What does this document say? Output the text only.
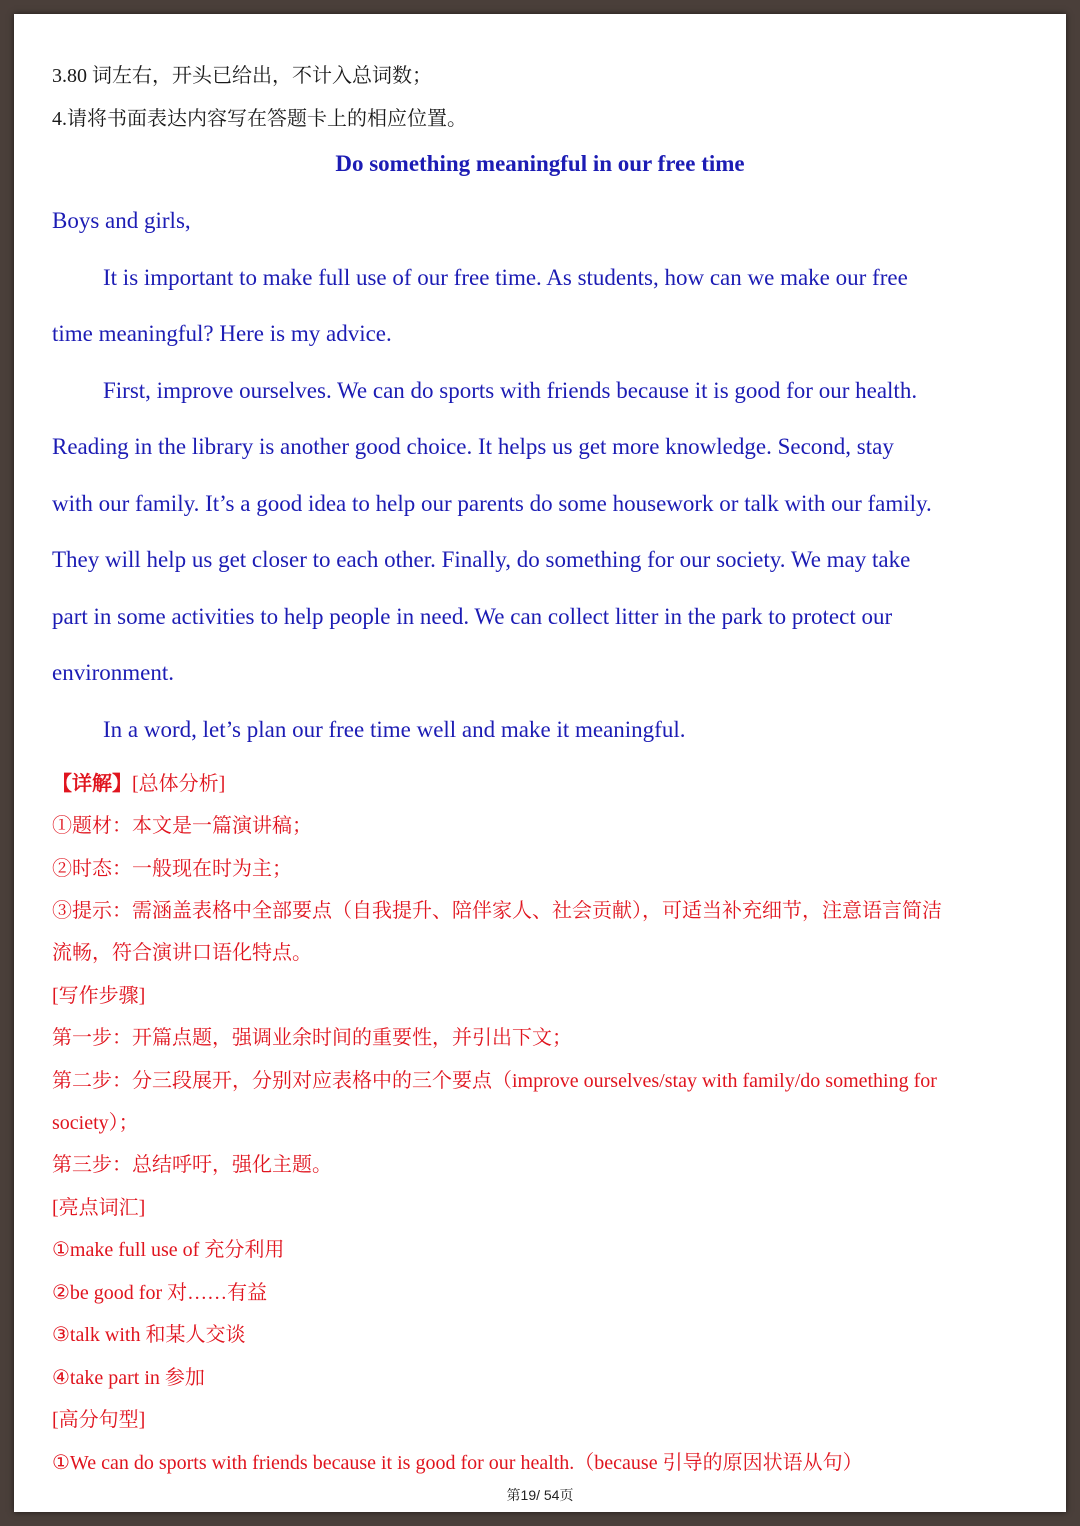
3.80 词左右，开头已给出，不计入总词数；
4.请将书面表达内容写在答题卡上的相应位置。
Do something meaningful in our free time
Boys and girls,
It is important to make full use of our free time. As students, how can we make our free
time meaningful? Here is my advice.
First, improve ourselves. We can do sports with friends because it is good for our health.
Reading in the library is another good choice. It helps us get more knowledge. Second, stay
with our family. It’s a good idea to help our parents do some housework or talk with our family.
They will help us get closer to each other. Finally, do something for our society. We may take
part in some activities to help people in need. We can collect litter in the park to protect our
environment.
In a word, let’s plan our free time well and make it meaningful.
【详解】[总体分析]
①题材：本文是一篇演讲稿；
②时态：一般现在时为主；
③提示：需涵盖表格中全部要点（自我提升、陪伴家人、社会贡献），可适当补充细节，注意语言简洁
流畅，符合演讲口语化特点。
[写作步骤]
第一步：开篇点题，强调业余时间的重要性，并引出下文；
第二步：分三段展开，分别对应表格中的三个要点（improve ourselves/stay with family/do something for
society）；
第三步：总结呼吁，强化主题。
[亮点词汇]
①make full use of 充分利用
②be good for 对……有益
③talk with 和某人交谈
④take part in 参加
[高分句型]
①We can do sports with friends because it is good for our health.（because 引导的原因状语从句）
第19/ 54页
